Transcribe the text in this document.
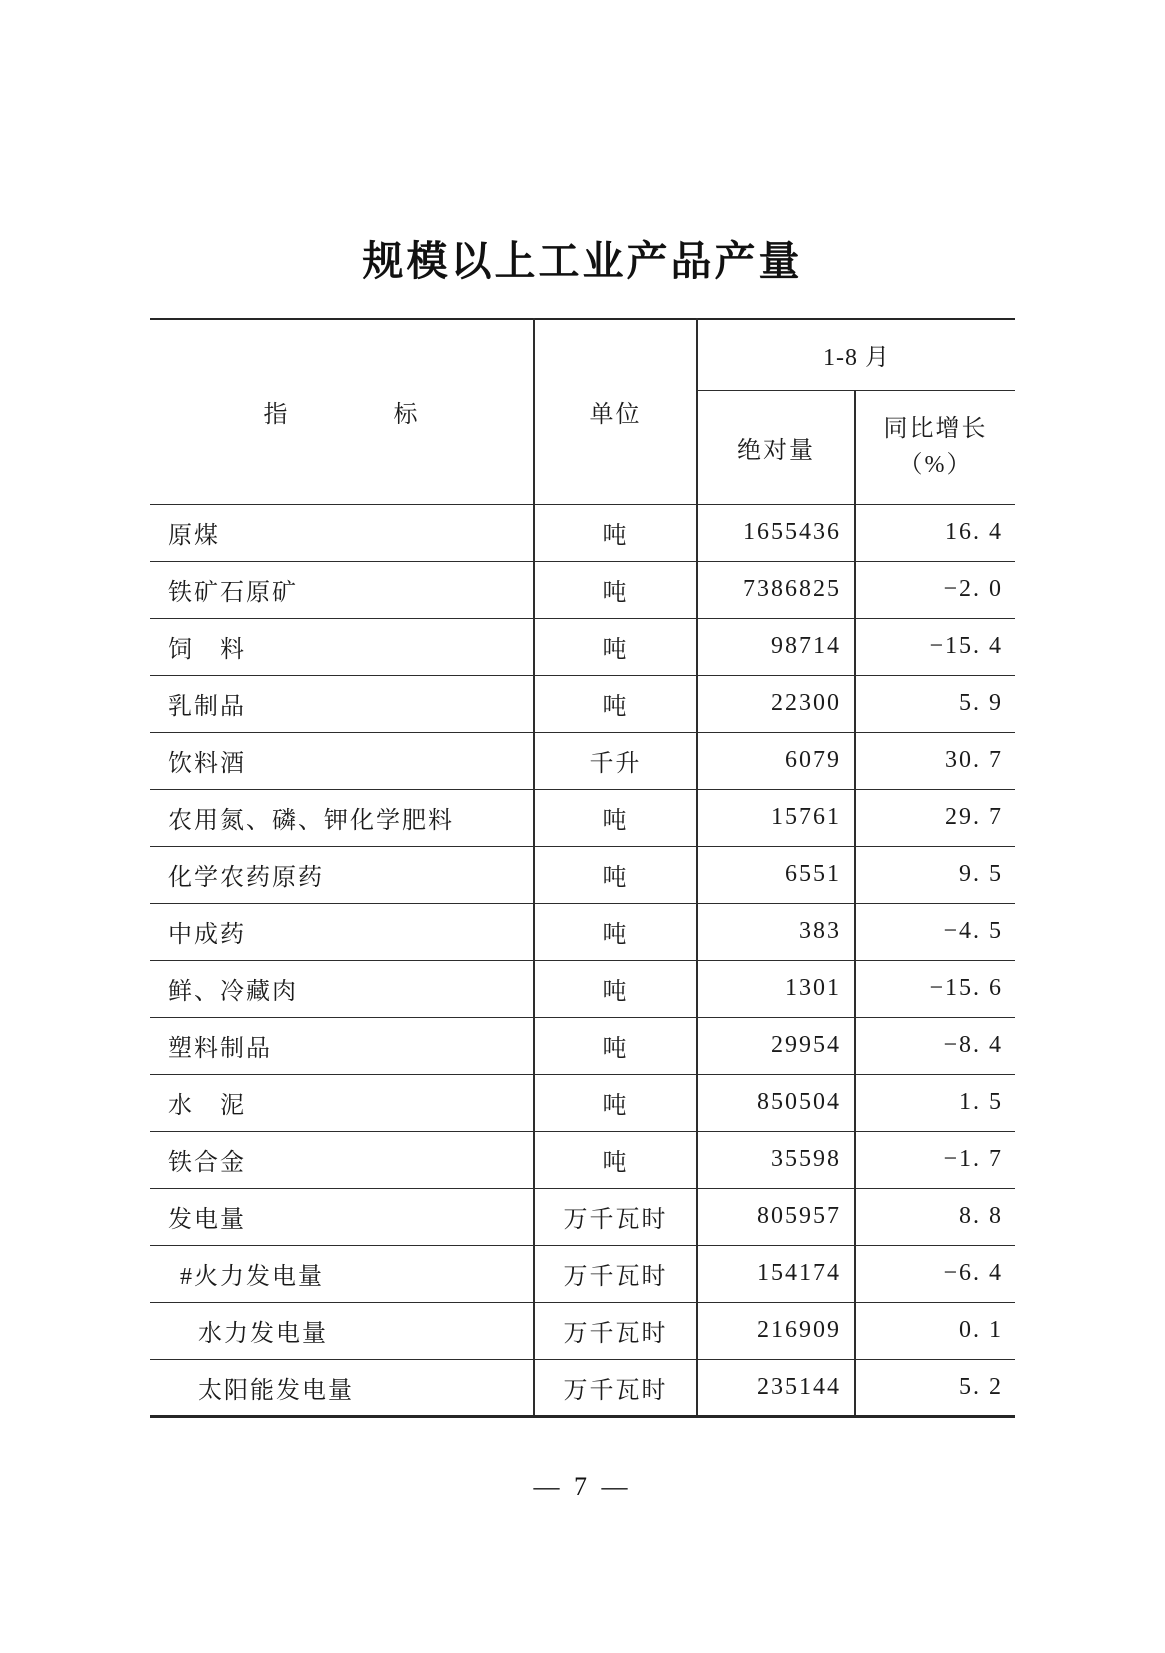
规模以上工业产品产量
指　　　　标	单位	1-8 月	
		绝对量	同比增长
（%）

原煤	吨	1655436	16. 4
铁矿石原矿	吨	7386825	−2. 0
饲　料	吨	98714	−15. 4
乳制品	吨	22300	5. 9
饮料酒	千升	6079	30. 7
农用氮、磷、钾化学肥料	吨	15761	29. 7
化学农药原药	吨	6551	9. 5
中成药	吨	383	−4. 5
鲜、冷藏肉	吨	1301	−15. 6
塑料制品	吨	29954	−8. 4
水　泥	吨	850504	1. 5
铁合金	吨	35598	−1. 7
发电量	万千瓦时	805957	8. 8
#火力发电量	万千瓦时	154174	−6. 4
水力发电量	万千瓦时	216909	0. 1
太阳能发电量	万千瓦时	235144	5. 2
— 7 —
